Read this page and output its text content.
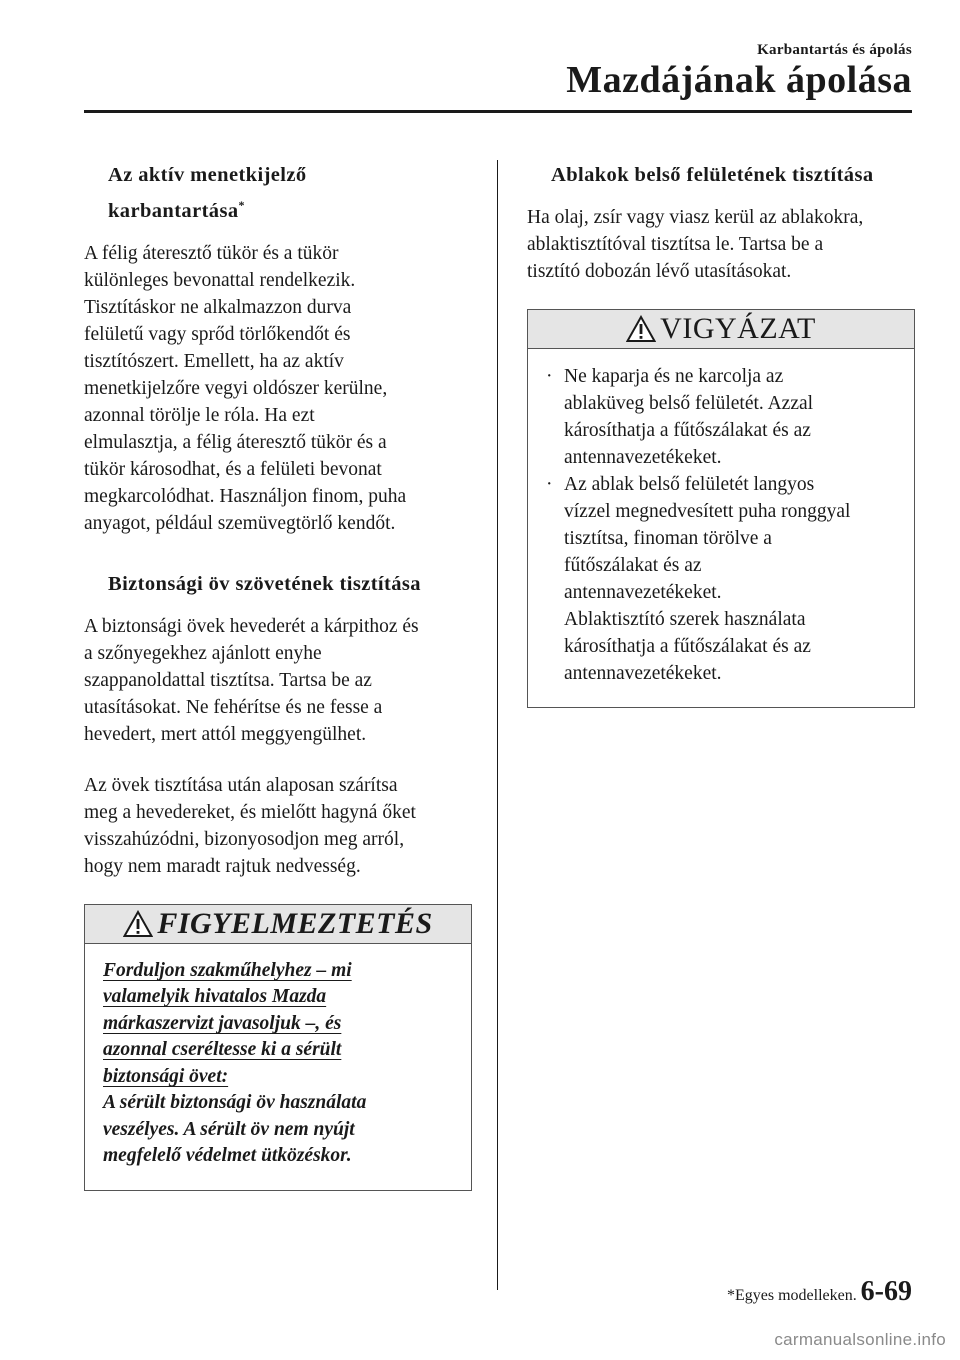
Karbantartás és ápolás
Mazdájának ápolása

Az aktív menetkijelző
karbantartása*

A félig áteresztő tükör és a tükör
különleges bevonattal rendelkezik.
Tisztításkor ne alkalmazzon durva
felületű vagy sprőd törlőkendőt és
tisztítószert. Emellett, ha az aktív
menetkijelzőre vegyi oldószer kerülne,
azonnal törölje le róla. Ha ezt
elmulasztja, a félig áteresztő tükör és a
tükör károsodhat, és a felületi bevonat
megkarcolódhat. Használjon finom, puha
anyagot, például szemüvegtörlő kendőt.

Biztonsági öv szövetének tisztítása

A biztonsági övek hevederét a kárpithoz és
a szőnyegekhez ajánlott enyhe
szappanoldattal tisztítsa. Tartsa be az
utasításokat. Ne fehérítse és ne fesse a
hevedert, mert attól meggyengülhet.
Az övek tisztítása után alaposan szárítsa
meg a hevedereket, és mielőtt hagyná őket
visszahúzódni, bizonyosodjon meg arról,
hogy nem maradt rajtuk nedvesség.
FIGYELMEZTETÉS

Forduljon szakműhelyhez – mi

valamelyik hivatalos Mazda

márkaszervizt javasoljuk –, és

azonnal cseréltesse ki a sérült

biztonsági övet:

A sérült biztonsági öv használata

veszélyes. A sérült öv nem nyújt

megfelelő védelmet ütközéskor.

Ablakok belső felületének tisztítása

Ha olaj, zsír vagy viasz kerül az ablakokra,
ablaktisztítóval tisztítsa le. Tartsa be a
tisztító dobozán lévő utasításokat.
VIGYÁZAT
· Ne kaparja és ne karcolja az
ablaküveg belső felületét. Azzal
károsíthatja a fűtőszálakat és az
antennavezetékeket.
· Az ablak belső felületét langyos
vízzel megnedvesített puha ronggyal
tisztítsa, finoman törölve a
fűtőszálakat és az
antennavezetékeket.
Ablaktisztító szerek használata
károsíthatja a fűtőszálakat és az
antennavezetékeket.
*Egyes modelleken. 6-69
carmanualsonline.info
